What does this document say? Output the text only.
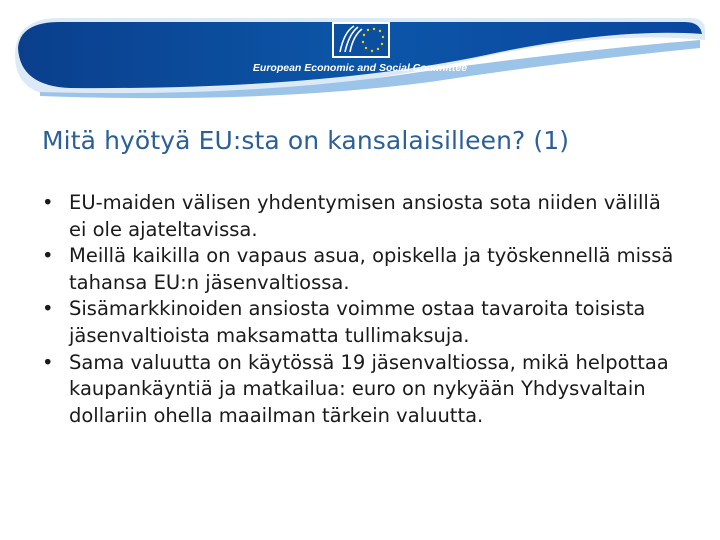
European Economic and Social Committee
Mitä hyötyä EU:sta on kansalaisilleen? (1)
• EU-maiden välisen yhdentymisen ansiosta sota niiden välillä ei ole ajateltavissa.
• Meillä kaikilla on vapaus asua, opiskella ja työskennellä missä tahansa EU:n jäsenvaltiossa.
• Sisämarkkinoiden ansiosta voimme ostaa tavaroita toisista jäsenvaltioista maksamatta tullimaksuja.
• Sama valuutta on käytössä 19 jäsenvaltiossa, mikä helpottaa kaupankäyntiä ja matkailua: euro on nykyään Yhdysvaltain dollariin ohella maailman tärkein valuutta.
